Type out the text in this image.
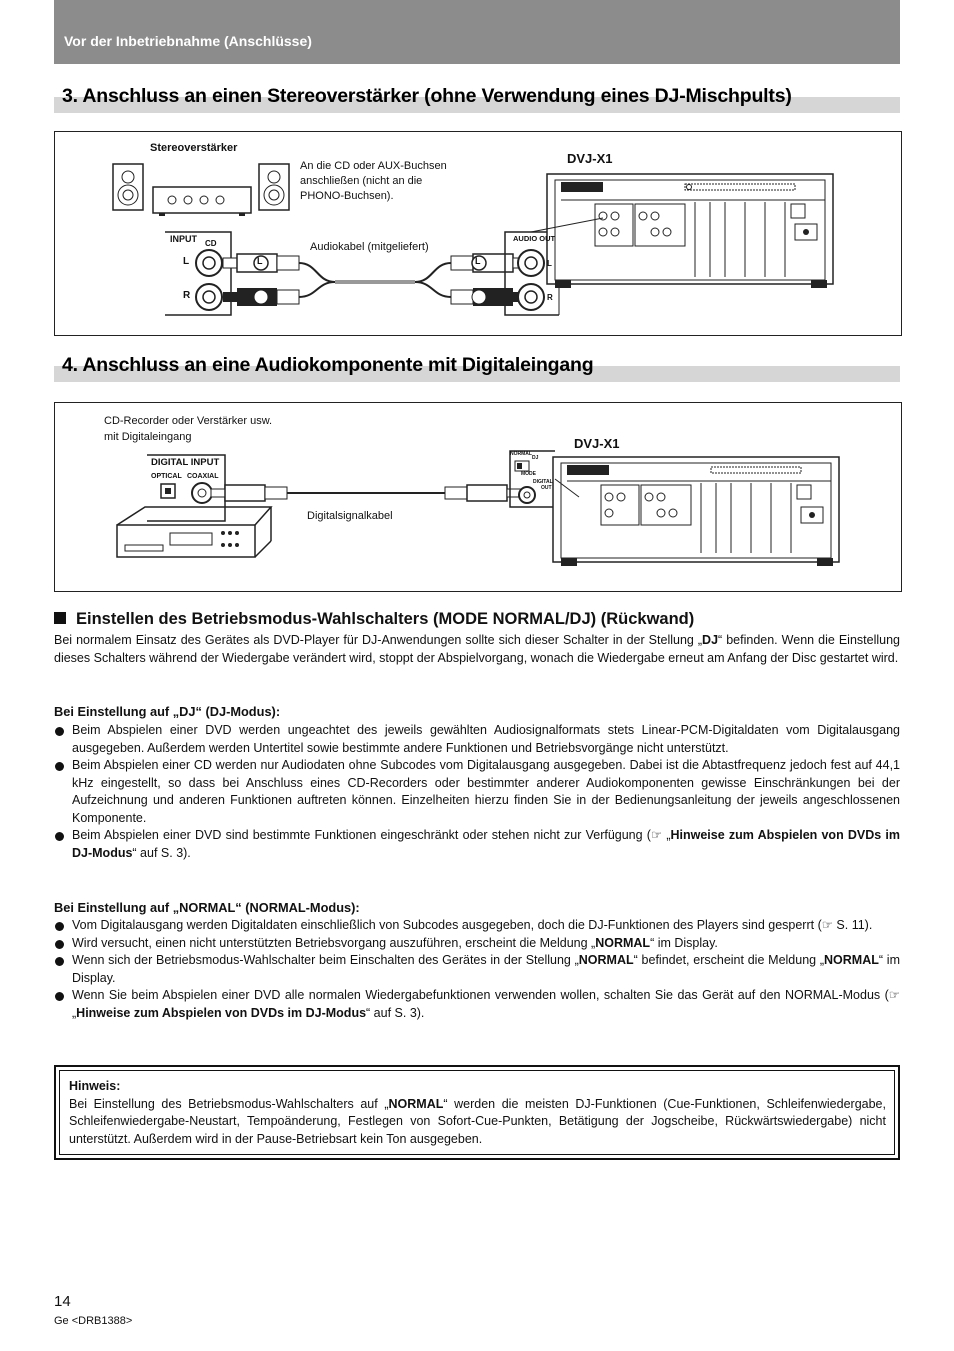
Vor der Inbetriebnahme (Anschlüsse)
3. Anschluss an einen Stereoverstärker (ohne Verwendung eines DJ-Mischpults)
Stereoverstärker
An die CD oder AUX-Buchsen
anschließen (nicht an die
PHONO-Buchsen).
Audiokabel (mitgeliefert)
DVJ-X1
INPUT CD
AUDIO OUT
L
R
L
R
L
R
L
R
4. Anschluss an eine Audiokomponente mit Digitaleingang
CD-Recorder oder Verstärker usw.
mit Digitaleingang
DIGITAL INPUT
OPTICAL COAXIAL
Digitalsignalkabel
DVJ-X1
NORMAL
DJ
MODE
DIGITAL
OUT
Einstellen des Betriebsmodus-Wahlschalters (MODE NORMAL/DJ) (Rückwand)
Bei normalem Einsatz des Gerätes als DVD-Player für DJ-Anwendungen sollte sich dieser Schalter in der Stellung „DJ“ befinden. Wenn die Einstellung dieses Schalters während der Wiedergabe verändert wird, stoppt der Abspielvorgang, wonach die Wiedergabe erneut am Anfang der Disc gestartet wird.
Bei Einstellung auf „DJ“ (DJ-Modus):
Beim Abspielen einer DVD werden ungeachtet des jeweils gewählten Audiosignalformats stets Linear-PCM-Digitaldaten vom Digitalausgang ausgegeben. Außerdem werden Untertitel sowie bestimmte andere Funktionen und Betriebsvorgänge nicht unterstützt.
Beim Abspielen einer CD werden nur Audiodaten ohne Subcodes vom Digitalausgang ausgegeben. Dabei ist die Abtastfrequenz jedoch fest auf 44,1 kHz eingestellt, so dass bei Anschluss eines CD-Recorders oder bestimmter anderer Audiokomponenten gewisse Einschränkungen bei der Aufzeichnung und anderen Funktionen auftreten können. Einzelheiten hierzu finden Sie in der Bedienungsanleitung der jeweils angeschlossenen Komponente.
Beim Abspielen einer DVD sind bestimmte Funktionen eingeschränkt oder stehen nicht zur Verfügung (☞ „Hinweise zum Abspielen von DVDs im DJ-Modus“ auf S. 3).
Bei Einstellung auf „NORMAL“ (NORMAL-Modus):
Vom Digitalausgang werden Digitaldaten einschließlich von Subcodes ausgegeben, doch die DJ-Funktionen des Players sind gesperrt (☞ S. 11).
Wird versucht, einen nicht unterstützten Betriebsvorgang auszuführen, erscheint die Meldung „NORMAL“ im Display.
Wenn sich der Betriebsmodus-Wahlschalter beim Einschalten des Gerätes in der Stellung „NORMAL“ befindet, erscheint die Meldung „NORMAL“ im Display.
Wenn Sie beim Abspielen einer DVD alle normalen Wiedergabefunktionen verwenden wollen, schalten Sie das Gerät auf den NORMAL-Modus (☞ „Hinweise zum Abspielen von DVDs im DJ-Modus“ auf S. 3).
Hinweis:
Bei Einstellung des Betriebsmodus-Wahlschalters auf „NORMAL“ werden die meisten DJ-Funktionen (Cue-Funktionen, Schleifenwiedergabe, Schleifenwiedergabe-Neustart, Tempoänderung, Festlegen von Sofort-Cue-Punkten, Betätigung der Jogscheibe, Rückwärtswiedergabe) nicht unterstützt. Außerdem wird in der Pause-Betriebsart kein Ton ausgegeben.
14
Ge <DRB1388>
